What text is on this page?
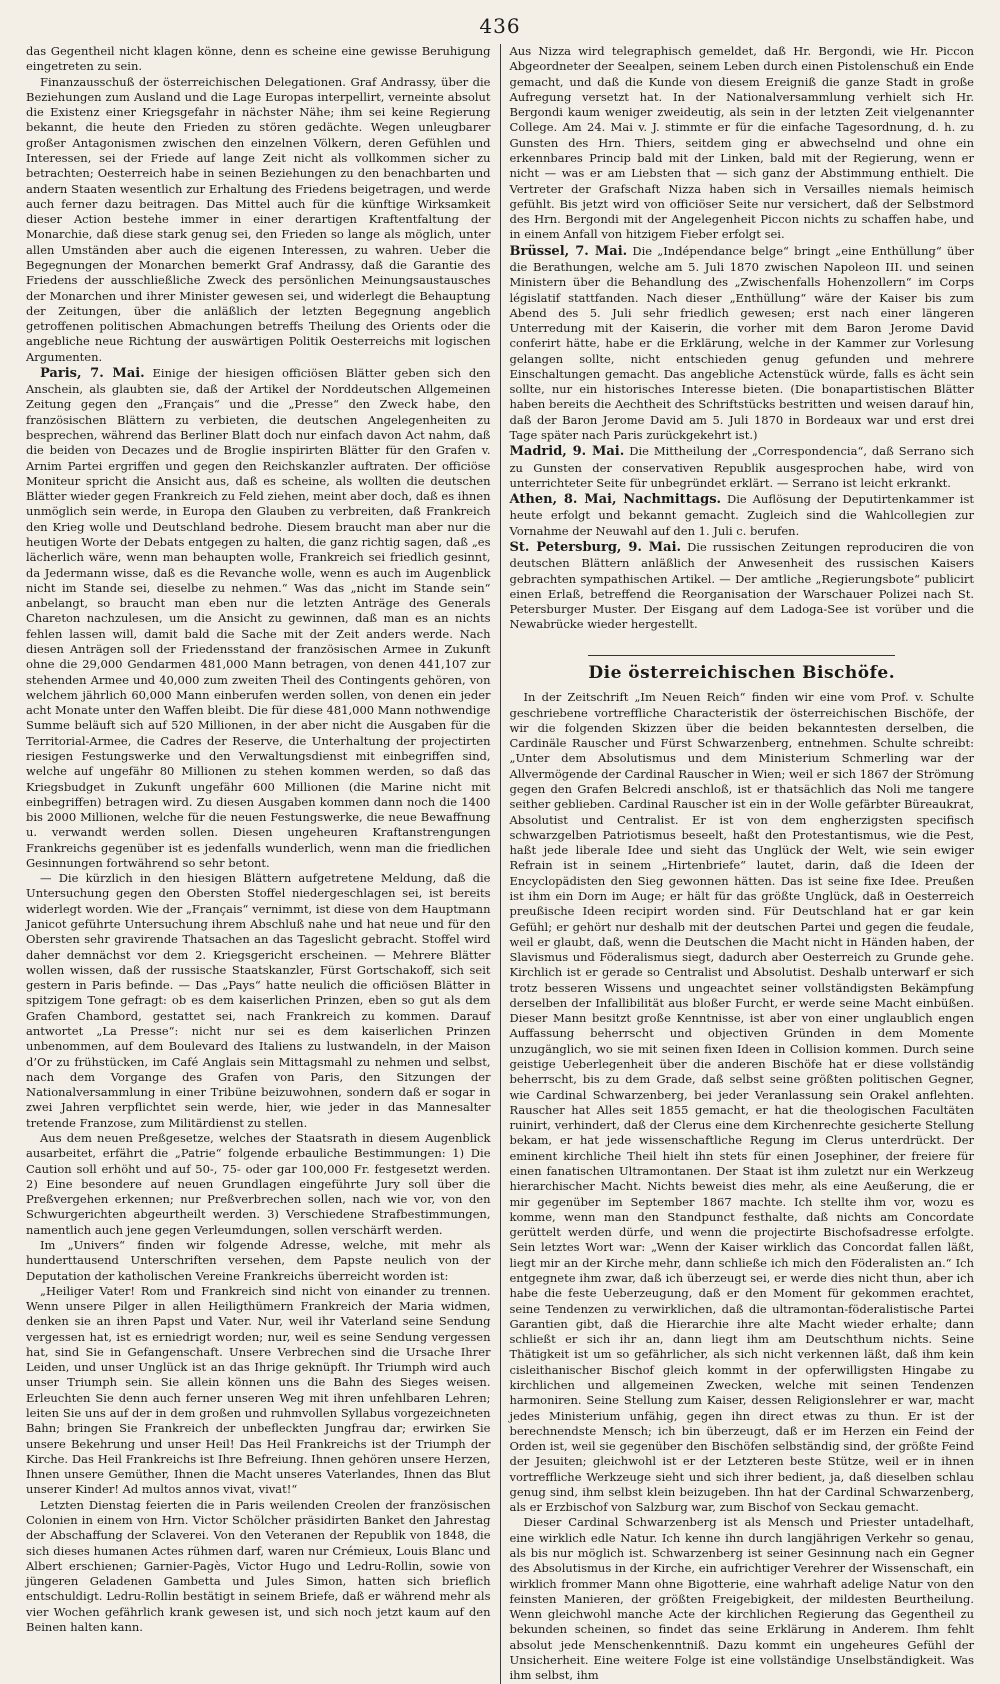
436

das Gegentheil nicht klagen könne, denn es scheine eine gewisse Beruhigung eingetreten zu sein.

Finanzausschuß der österreichischen Delegationen. Graf Andrassy, über die Beziehungen zum Ausland und die Lage Europas interpellirt, verneinte absolut die Existenz einer Kriegsgefahr in nächster Nähe; ihm sei keine Regierung bekannt, die heute den Frieden zu stören gedächte. Wegen unleugbarer großer Antagonismen zwischen den einzelnen Völkern, deren Gefühlen und Interessen, sei der Friede auf lange Zeit nicht als vollkommen sicher zu betrachten; Oesterreich habe in seinen Beziehungen zu den benachbarten und andern Staaten wesentlich zur Erhaltung des Friedens beigetragen, und werde auch ferner dazu beitragen. Das Mittel auch für die künftige Wirksamkeit dieser Action bestehe immer in einer derartigen Kraftentfaltung der Monarchie, daß diese stark genug sei, den Frieden so lange als möglich, unter allen Umständen aber auch die eigenen Interessen, zu wahren. Ueber die Begegnungen der Monarchen bemerkt Graf Andrassy, daß die Garantie des Friedens der ausschließliche Zweck des persönlichen Meinungsaustausches der Monarchen und ihrer Minister gewesen sei, und widerlegt die Behauptung der Zeitungen, über die anläßlich der letzten Begegnung angeblich getroffenen politischen Abmachungen betreffs Theilung des Orients oder die angebliche neue Richtung der auswärtigen Politik Oesterreichs mit logischen Argumenten.

Paris, 7. Mai. Einige der hiesigen officiösen Blätter geben sich den Anschein, als glaubten sie, daß der Artikel der Norddeutschen Allgemeinen Zeitung gegen den „Français“ und die „Presse“ den Zweck habe, den französischen Blättern zu verbieten, die deutschen Angelegenheiten zu besprechen, während das Berliner Blatt doch nur einfach davon Act nahm, daß die beiden von Decazes und de Broglie inspirirten Blätter für den Grafen v. Arnim Partei ergriffen und gegen den Reichskanzler auftraten. Der officiöse Moniteur spricht die Ansicht aus, daß es scheine, als wollten die deutschen Blätter wieder gegen Frankreich zu Feld ziehen, meint aber doch, daß es ihnen unmöglich sein werde, in Europa den Glauben zu verbreiten, daß Frankreich den Krieg wolle und Deutschland bedrohe. Diesem braucht man aber nur die heutigen Worte der Debats entgegen zu halten, die ganz richtig sagen, daß „es lächerlich wäre, wenn man behaupten wolle, Frankreich sei friedlich gesinnt, da Jedermann wisse, daß es die Revanche wolle, wenn es auch im Augenblick nicht im Stande sei, dieselbe zu nehmen.“ Was das „nicht im Stande sein“ anbelangt, so braucht man eben nur die letzten Anträge des Generals Chareton nachzulesen, um die Ansicht zu gewinnen, daß man es an nichts fehlen lassen will, damit bald die Sache mit der Zeit anders werde. Nach diesen Anträgen soll der Friedensstand der französischen Armee in Zukunft ohne die 29,000 Gendarmen 481,000 Mann betragen, von denen 441,107 zur stehenden Armee und 40,000 zum zweiten Theil des Contingents gehören, von welchem jährlich 60,000 Mann einberufen werden sollen, von denen ein jeder acht Monate unter den Waffen bleibt. Die für diese 481,000 Mann nothwendige Summe beläuft sich auf 520 Millionen, in der aber nicht die Ausgaben für die Territorial-Armee, die Cadres der Reserve, die Unterhaltung der projectirten riesigen Festungswerke und den Verwaltungsdienst mit einbegriffen sind, welche auf ungefähr 80 Millionen zu stehen kommen werden, so daß das Kriegsbudget in Zukunft ungefähr 600 Millionen (die Marine nicht mit einbegriffen) betragen wird. Zu diesen Ausgaben kommen dann noch die 1400 bis 2000 Millionen, welche für die neuen Festungswerke, die neue Bewaffnung u. verwandt werden sollen. Diesen ungeheuren Kraftanstrengungen Frankreichs gegenüber ist es jedenfalls wunderlich, wenn man die friedlichen Gesinnungen fortwährend so sehr betont.

— Die kürzlich in den hiesigen Blättern aufgetretene Meldung, daß die Untersuchung gegen den Obersten Stoffel niedergeschlagen sei, ist bereits widerlegt worden. Wie der „Français“ vernimmt, ist diese von dem Hauptmann Janicot geführte Untersuchung ihrem Abschluß nahe und hat neue und für den Obersten sehr gravirende Thatsachen an das Tageslicht gebracht. Stoffel wird daher demnächst vor dem 2. Kriegsgericht erscheinen. — Mehrere Blätter wollen wissen, daß der russische Staatskanzler, Fürst Gortschakoff, sich seit gestern in Paris befinde. — Das „Pays“ hatte neulich die officiösen Blätter in spitzigem Tone gefragt: ob es dem kaiserlichen Prinzen, eben so gut als dem Grafen Chambord, gestattet sei, nach Frankreich zu kommen. Darauf antwortet „La Presse“: nicht nur sei es dem kaiserlichen Prinzen unbenommen, auf dem Boulevard des Italiens zu lustwandeln, in der Maison d’Or zu frühstücken, im Café Anglais sein Mittagsmahl zu nehmen und selbst, nach dem Vorgange des Grafen von Paris, den Sitzungen der Nationalversammlung in einer Tribüne beizuwohnen, sondern daß er sogar in zwei Jahren verpflichtet sein werde, hier, wie jeder in das Mannesalter tretende Franzose, zum Militärdienst zu stellen.

Aus dem neuen Preßgesetze, welches der Staatsrath in diesem Augenblick ausarbeitet, erfährt die „Patrie“ folgende erbauliche Bestimmungen: 1) Die Caution soll erhöht und auf 50-, 75- oder gar 100,000 Fr. festgesetzt werden. 2) Eine besondere auf neuen Grundlagen eingeführte Jury soll über die Preßvergehen erkennen; nur Preßverbrechen sollen, nach wie vor, von den Schwurgerichten abgeurtheilt werden. 3) Verschiedene Strafbestimmungen, namentlich auch jene gegen Verleumdungen, sollen verschärft werden.

Im „Univers“ finden wir folgende Adresse, welche, mit mehr als hunderttausend Unterschriften versehen, dem Papste neulich von der Deputation der katholischen Vereine Frankreichs überreicht worden ist:

„Heiliger Vater! Rom und Frankreich sind nicht von einander zu trennen. Wenn unsere Pilger in allen Heiligthümern Frankreich der Maria widmen, denken sie an ihren Papst und Vater. Nur, weil ihr Vaterland seine Sendung vergessen hat, ist es erniedrigt worden; nur, weil es seine Sendung vergessen hat, sind Sie in Gefangenschaft. Unsere Verbrechen sind die Ursache Ihrer Leiden, und unser Unglück ist an das Ihrige geknüpft. Ihr Triumph wird auch unser Triumph sein. Sie allein können uns die Bahn des Sieges weisen. Erleuchten Sie denn auch ferner unseren Weg mit ihren unfehlbaren Lehren; leiten Sie uns auf der in dem großen und ruhmvollen Syllabus vorgezeichneten Bahn; bringen Sie Frankreich der unbefleckten Jungfrau dar; erwirken Sie unsere Bekehrung und unser Heil! Das Heil Frankreichs ist der Triumph der Kirche. Das Heil Frankreichs ist Ihre Befreiung. Ihnen gehören unsere Herzen, Ihnen unsere Gemüther, Ihnen die Macht unseres Vaterlandes, Ihnen das Blut unserer Kinder! Ad multos annos vivat, vivat!“

Letzten Dienstag feierten die in Paris weilenden Creolen der französischen Colonien in einem von Hrn. Victor Schölcher präsidirten Banket den Jahrestag der Abschaffung der Sclaverei. Von den Veteranen der Republik von 1848, die sich dieses humanen Actes rühmen darf, waren nur Crémieux, Louis Blanc und Albert erschienen; Garnier-Pagès, Victor Hugo und Ledru-Rollin, sowie von jüngeren Geladenen Gambetta und Jules Simon, hatten sich brieflich entschuldigt. Ledru-Rollin bestätigt in seinem Briefe, daß er während mehr als vier Wochen gefährlich krank gewesen ist, und sich noch jetzt kaum auf den Beinen halten kann.

Aus Nizza wird telegraphisch gemeldet, daß Hr. Bergondi, wie Hr. Piccon Abgeordneter der Seealpen, seinem Leben durch einen Pistolenschuß ein Ende gemacht, und daß die Kunde von diesem Ereigniß die ganze Stadt in große Aufregung versetzt hat. In der Nationalversammlung verhielt sich Hr. Bergondi kaum weniger zweideutig, als sein in der letzten Zeit vielgenannter College. Am 24. Mai v. J. stimmte er für die einfache Tagesordnung, d. h. zu Gunsten des Hrn. Thiers, seitdem ging er abwechselnd und ohne ein erkennbares Princip bald mit der Linken, bald mit der Regierung, wenn er nicht — was er am Liebsten that — sich ganz der Abstimmung enthielt. Die Vertreter der Grafschaft Nizza haben sich in Versailles niemals heimisch gefühlt. Bis jetzt wird von officiöser Seite nur versichert, daß der Selbstmord des Hrn. Bergondi mit der Angelegenheit Piccon nichts zu schaffen habe, und in einem Anfall von hitzigem Fieber erfolgt sei.

Brüssel, 7. Mai. Die „Indépendance belge“ bringt „eine Enthüllung“ über die Berathungen, welche am 5. Juli 1870 zwischen Napoleon III. und seinen Ministern über die Behandlung des „Zwischenfalls Hohenzollern“ im Corps législatif stattfanden. Nach dieser „Enthüllung“ wäre der Kaiser bis zum Abend des 5. Juli sehr friedlich gewesen; erst nach einer längeren Unterredung mit der Kaiserin, die vorher mit dem Baron Jerome David conferirt hätte, habe er die Erklärung, welche in der Kammer zur Vorlesung gelangen sollte, nicht entschieden genug gefunden und mehrere Einschaltungen gemacht. Das angebliche Actenstück würde, falls es ächt sein sollte, nur ein historisches Interesse bieten. (Die bonapartistischen Blätter haben bereits die Aechtheit des Schriftstücks bestritten und weisen darauf hin, daß der Baron Jerome David am 5. Juli 1870 in Bordeaux war und erst drei Tage später nach Paris zurückgekehrt ist.)

Madrid, 9. Mai. Die Mittheilung der „Correspondencia“, daß Serrano sich zu Gunsten der conservativen Republik ausgesprochen habe, wird von unterrichteter Seite für unbegründet erklärt. — Serrano ist leicht erkrankt.

Athen, 8. Mai, Nachmittags. Die Auflösung der Deputirtenkammer ist heute erfolgt und bekannt gemacht. Zugleich sind die Wahlcollegien zur Vornahme der Neuwahl auf den 1. Juli c. berufen.

St. Petersburg, 9. Mai. Die russischen Zeitungen reproduciren die von deutschen Blättern anläßlich der Anwesenheit des russischen Kaisers gebrachten sympathischen Artikel. — Der amtliche „Regierungsbote“ publicirt einen Erlaß, betreffend die Reorganisation der Warschauer Polizei nach St. Petersburger Muster. Der Eisgang auf dem Ladoga-See ist vorüber und die Newabrücke wieder hergestellt.

Die österreichischen Bischöfe.

In der Zeitschrift „Im Neuen Reich“ finden wir eine vom Prof. v. Schulte geschriebene vortreffliche Characteristik der österreichischen Bischöfe, der wir die folgenden Skizzen über die beiden bekanntesten derselben, die Cardinäle Rauscher und Fürst Schwarzenberg, entnehmen. Schulte schreibt: „Unter dem Absolutismus und dem Ministerium Schmerling war der Allvermögende der Cardinal Rauscher in Wien; weil er sich 1867 der Strömung gegen den Grafen Belcredi anschloß, ist er thatsächlich das Noli me tangere seither geblieben. Cardinal Rauscher ist ein in der Wolle gefärbter Büreaukrat, Absolutist und Centralist. Er ist von dem engherzigsten specifisch schwarzgelben Patriotismus beseelt, haßt den Protestantismus, wie die Pest, haßt jede liberale Idee und sieht das Unglück der Welt, wie sein ewiger Refrain ist in seinem „Hirtenbriefe“ lautet, darin, daß die Ideen der Encyclopädisten den Sieg gewonnen hätten. Das ist seine fixe Idee. Preußen ist ihm ein Dorn im Auge; er hält für das größte Unglück, daß in Oesterreich preußische Ideen recipirt worden sind. Für Deutschland hat er gar kein Gefühl; er gehört nur deshalb mit der deutschen Partei und gegen die feudale, weil er glaubt, daß, wenn die Deutschen die Macht nicht in Händen haben, der Slavismus und Föderalismus siegt, dadurch aber Oesterreich zu Grunde gehe. Kirchlich ist er gerade so Centralist und Absolutist. Deshalb unterwarf er sich trotz besseren Wissens und ungeachtet seiner vollständigsten Bekämpfung derselben der Infallibilität aus bloßer Furcht, er werde seine Macht einbüßen. Dieser Mann besitzt große Kenntnisse, ist aber von einer unglaublich engen Auffassung beherrscht und objectiven Gründen in dem Momente unzugänglich, wo sie mit seinen fixen Ideen in Collision kommen. Durch seine geistige Ueberlegenheit über die anderen Bischöfe hat er diese vollständig beherrscht, bis zu dem Grade, daß selbst seine größten politischen Gegner, wie Cardinal Schwarzenberg, bei jeder Veranlassung sein Orakel anflehten. Rauscher hat Alles seit 1855 gemacht, er hat die theologischen Facultäten ruinirt, verhindert, daß der Clerus eine dem Kirchenrechte gesicherte Stellung bekam, er hat jede wissenschaftliche Regung im Clerus unterdrückt. Der eminent kirchliche Theil hielt ihn stets für einen Josephiner, der freiere für einen fanatischen Ultramontanen. Der Staat ist ihm zuletzt nur ein Werkzeug hierarchischer Macht. Nichts beweist dies mehr, als eine Aeußerung, die er mir gegenüber im September 1867 machte. Ich stellte ihm vor, wozu es komme, wenn man den Standpunct festhalte, daß nichts am Concordate gerüttelt werden dürfe, und wenn die projectirte Bischofsadresse erfolgte. Sein letztes Wort war: „Wenn der Kaiser wirklich das Concordat fallen läßt, liegt mir an der Kirche mehr, dann schließe ich mich den Föderalisten an.“ Ich entgegnete ihm zwar, daß ich überzeugt sei, er werde dies nicht thun, aber ich habe die feste Ueberzeugung, daß er den Moment für gekommen erachtet, seine Tendenzen zu verwirklichen, daß die ultramontan-föderalistische Partei Garantien gibt, daß die Hierarchie ihre alte Macht wieder erhalte; dann schließt er sich ihr an, dann liegt ihm am Deutschthum nichts. Seine Thätigkeit ist um so gefährlicher, als sich nicht verkennen läßt, daß ihm kein cisleithanischer Bischof gleich kommt in der opferwilligsten Hingabe zu kirchlichen und allgemeinen Zwecken, welche mit seinen Tendenzen harmoniren. Seine Stellung zum Kaiser, dessen Religionslehrer er war, macht jedes Ministerium unfähig, gegen ihn direct etwas zu thun. Er ist der berechnendste Mensch; ich bin überzeugt, daß er im Herzen ein Feind der Orden ist, weil sie gegenüber den Bischöfen selbständig sind, der größte Feind der Jesuiten; gleichwohl ist er der Letzteren beste Stütze, weil er in ihnen vortreffliche Werkzeuge sieht und sich ihrer bedient, ja, daß dieselben schlau genug sind, ihm selbst klein beizugeben. Ihn hat der Cardinal Schwarzenberg, als er Erzbischof von Salzburg war, zum Bischof von Seckau gemacht.

Dieser Cardinal Schwarzenberg ist als Mensch und Priester untadelhaft, eine wirklich edle Natur. Ich kenne ihn durch langjährigen Verkehr so genau, als bis nur möglich ist. Schwarzenberg ist seiner Gesinnung nach ein Gegner des Absolutismus in der Kirche, ein aufrichtiger Verehrer der Wissenschaft, ein wirklich frommer Mann ohne Bigotterie, eine wahrhaft adelige Natur von den feinsten Manieren, der größten Freigebigkeit, der mildesten Beurtheilung. Wenn gleichwohl manche Acte der kirchlichen Regierung das Gegentheil zu bekunden scheinen, so findet das seine Erklärung in Anderem. Ihm fehlt absolut jede Menschenkenntniß. Dazu kommt ein ungeheures Gefühl der Unsicherheit. Eine weitere Folge ist eine vollständige Unselbständigkeit. Was ihm selbst, ihm
